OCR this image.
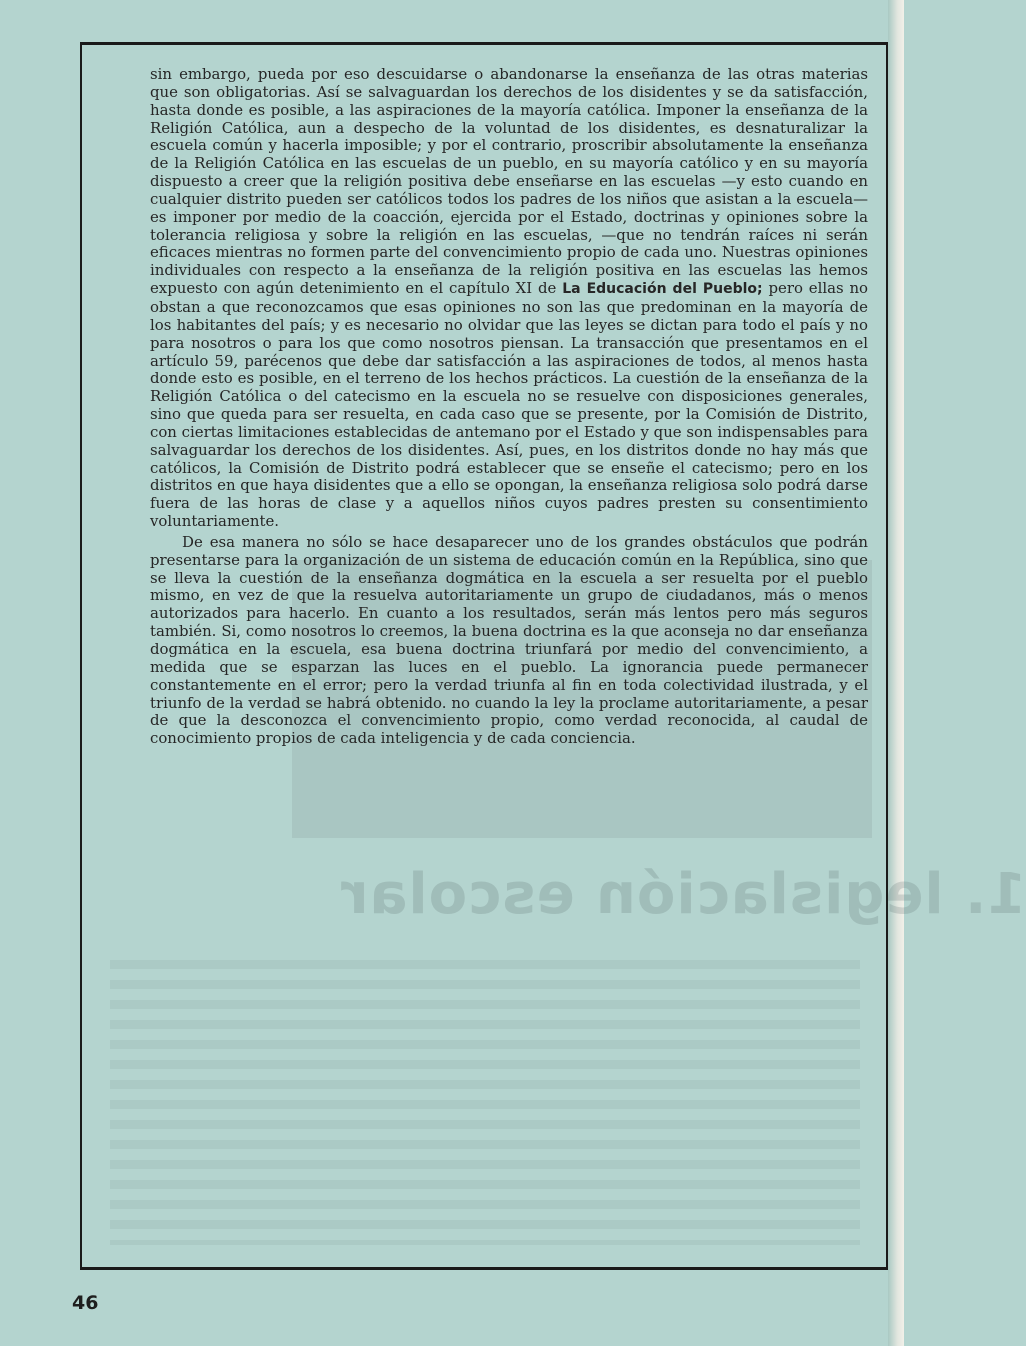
1. legislación escolar

sin embargo, pueda por eso descuidarse o abandonarse la enseñanza de las otras materias que son obligatorias. Así se salvaguardan los derechos de los disidentes y se da satisfacción, hasta donde es posible, a las aspiraciones de la mayoría católica. Imponer la enseñanza de la Religión Católica, aun a despecho de la voluntad de los disidentes, es desnaturalizar la escuela común y hacerla imposible; y por el contrario, proscribir absolutamente la enseñanza de la Religión Católica en las escuelas de un pueblo, en su mayoría católico y en su mayoría dispuesto a creer que la religión positiva debe enseñarse en las escuelas —y esto cuando en cualquier distrito pueden ser católicos todos los padres de los niños que asistan a la escuela— es imponer por medio de la coacción, ejercida por el Estado, doctrinas y opiniones sobre la tolerancia religiosa y sobre la religión en las escuelas, —que no tendrán raíces ni serán eficaces mientras no formen parte del convencimiento propio de cada uno. Nuestras opiniones individuales con respecto a la enseñanza de la religión positiva en las escuelas las hemos expuesto con agún detenimiento en el capítulo XI de La Educación del Pueblo; pero ellas no obstan a que reconozcamos que esas opiniones no son las que predominan en la mayoría de los habitantes del país; y es necesario no olvidar que las leyes se dictan para todo el país y no para nosotros o para los que como nosotros piensan. La transacción que presentamos en el artículo 59, parécenos que debe dar satisfacción a las aspiraciones de todos, al menos hasta donde esto es posible, en el terreno de los hechos prácticos. La cuestión de la enseñanza de la Religión Católica o del catecismo en la escuela no se resuelve con disposiciones generales, sino que queda para ser resuelta, en cada caso que se presente, por la Comisión de Distrito, con ciertas limitaciones establecidas de antemano por el Estado y que son indispensables para salvaguardar los derechos de los disidentes. Así, pues, en los distritos donde no hay más que católicos, la Comisión de Distrito podrá establecer que se enseñe el catecismo; pero en los distritos en que haya disidentes que a ello se opongan, la enseñanza religiosa solo podrá darse fuera de las horas de clase y a aquellos niños cuyos padres presten su consentimiento voluntariamente.

De esa manera no sólo se hace desaparecer uno de los grandes obstáculos que podrán presentarse para la organización de un sistema de educación común en la República, sino que se lleva la cuestión de la enseñanza dogmática en la escuela a ser resuelta por el pueblo mismo, en vez de que la resuelva autoritariamente un grupo de ciudadanos, más o menos autorizados para hacerlo. En cuanto a los resultados, serán más lentos pero más seguros también. Si, como nosotros lo creemos, la buena doctrina es la que aconseja no dar enseñanza dogmática en la escuela, esa buena doctrina triunfará por medio del convencimiento, a medida que se esparzan las luces en el pueblo. La ignorancia puede permanecer constantemente en el error; pero la verdad triunfa al fin en toda colectividad ilustrada, y el triunfo de la verdad se habrá obtenido. no cuando la ley la proclame autoritariamente, a pesar de que la desconozca el convencimiento propio, como verdad reconocida, al caudal de conocimiento propios de cada inteligencia y de cada conciencia.

46
